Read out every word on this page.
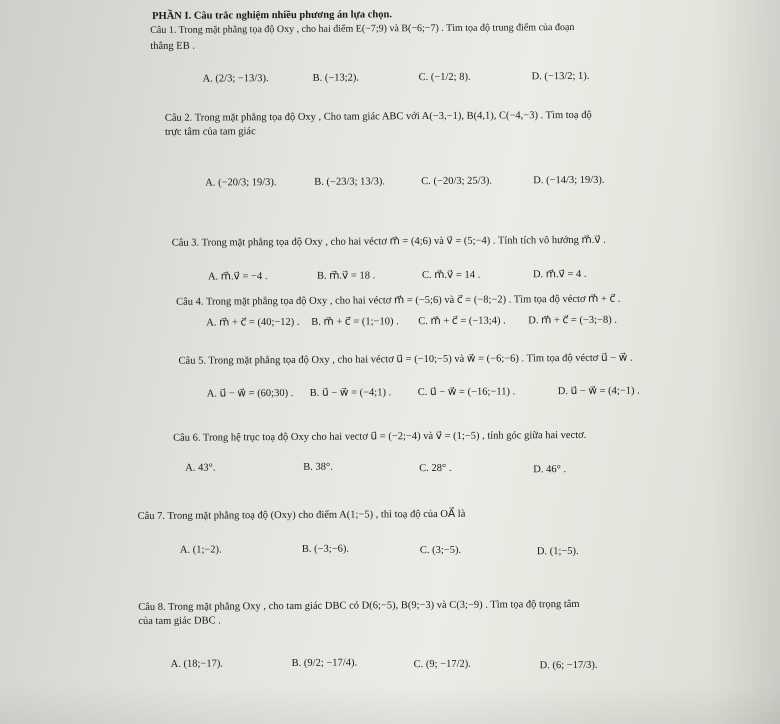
PHẦN I. Câu trắc nghiệm nhiều phương án lựa chọn.
Câu 1. Trong mặt phẳng tọa độ Oxy , cho hai điểm E(−7;9) và B(−6;−7) . Tìm tọa độ trung điểm của đoạn
thẳng EB .
A. (2/3; −13/3).	B. (−13;2).	C. (−1/2; 8).	D. (−13/2; 1).
Câu 2. Trong mặt phẳng tọa độ Oxy , Cho tam giác ABC với A(−3,−1), B(4,1), C(−4,−3) . Tìm toạ độ
trực tâm của tam giác
A. (−20/3; 19/3).	B. (−23/3; 13/3).	C. (−20/3; 25/3).	D. (−14/3; 19/3).
Câu 3. Trong mặt phẳng tọa độ Oxy , cho hai véctơ m⃗ = (4;6) và v⃗ = (5;−4) . Tính tích vô hướng m⃗.v⃗ .
A. m⃗.v⃗ = −4 .	B. m⃗.v⃗ = 18 .	C. m⃗.v⃗ = 14 .	D. m⃗.v⃗ = 4 .
Câu 4. Trong mặt phẳng tọa độ Oxy , cho hai véctơ m⃗ = (−5;6) và c⃗ = (−8;−2) . Tìm tọa độ véctơ m⃗ + c⃗ .
A. m⃗ + c⃗ = (40;−12) . B. m⃗ + c⃗ = (1;−10) . C. m⃗ + c⃗ = (−13;4) . D. m⃗ + c⃗ = (−3;−8) .
Câu 5. Trong mặt phẳng tọa độ Oxy , cho hai véctơ u⃗ = (−10;−5) và w⃗ = (−6;−6) . Tìm tọa độ véctơ u⃗ − w⃗ .
A. u⃗ − w⃗ = (60;30) . B. u⃗ − w⃗ = (−4;1) .	C. u⃗ − w⃗ = (−16;−11) .	D. u⃗ − w⃗ = (4;−1) .
Câu 6. Trong hệ trục toạ độ Oxy cho hai vectơ u⃗ = (−2;−4) và v⃗ = (1;−5) , tính góc giữa hai vectơ.
A. 43°.	B. 38°.	C. 28° .	D. 46° .
Câu 7. Trong mặt phẳng toạ độ (Oxy) cho điểm A(1;−5) , thì toạ độ của OA⃗ là
A. (1;−2).	B. (−3;−6).	C. (3;−5).	D. (1;−5).
Câu 8. Trong mặt phẳng Oxy , cho tam giác DBC có D(6;−5), B(9;−3) và C(3;−9) . Tìm tọa độ trọng tâm
của tam giác DBC .
A. (18;−17).	B. (9/2; −17/4).	C. (9; −17/2).	D. (6; −17/3).
